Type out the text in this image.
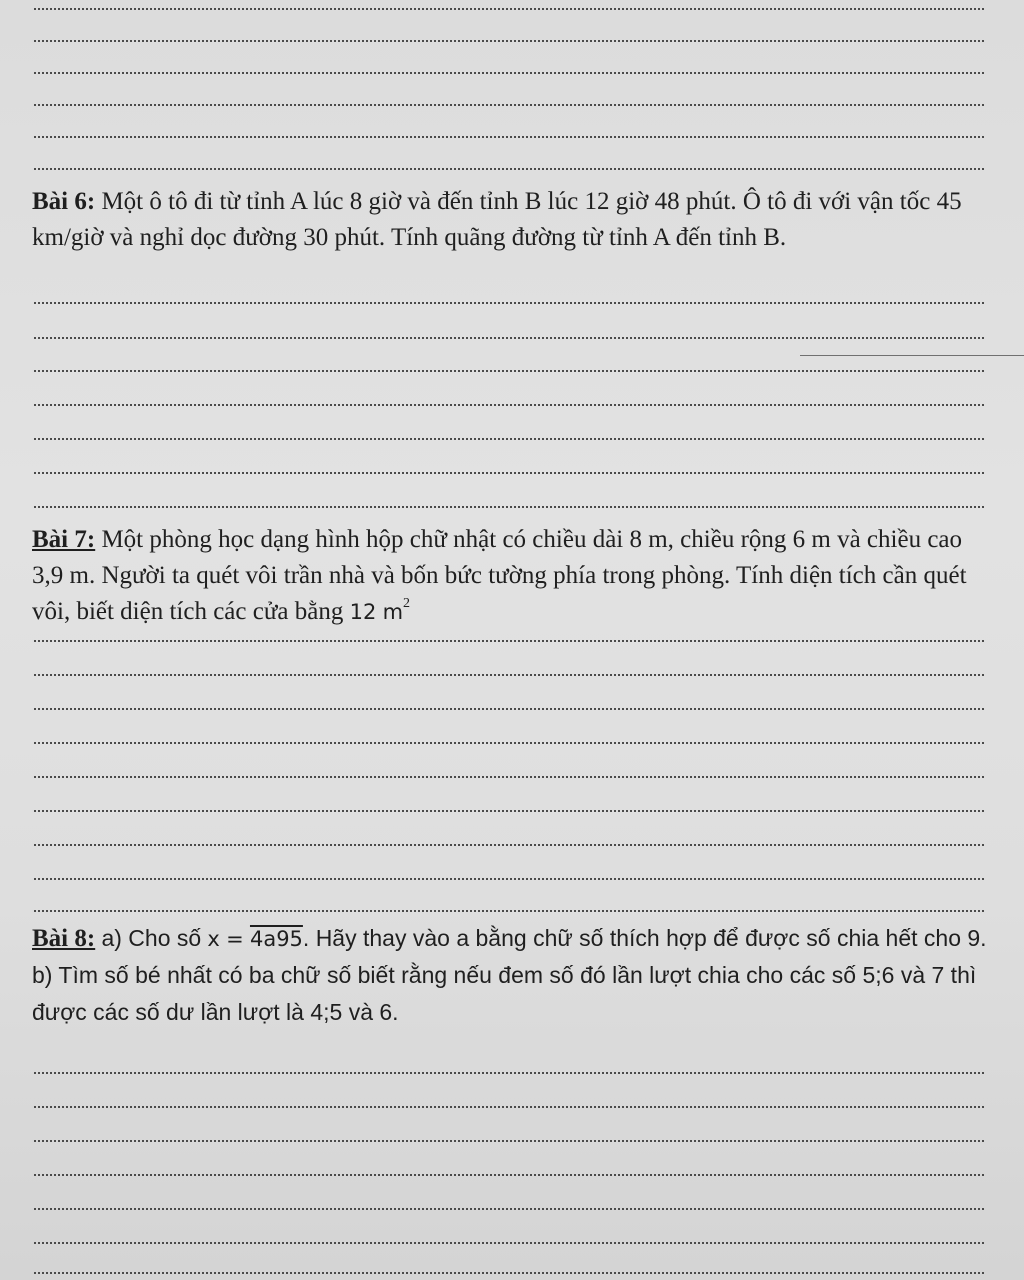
Bài 6: Một ô tô đi từ tỉnh A lúc 8 giờ và đến tỉnh B lúc 12 giờ 48 phút. Ô tô đi với vận tốc 45 km/giờ và nghỉ dọc đường 30 phút. Tính quãng đường từ tỉnh A đến tỉnh B.
Bài 7: Một phòng học dạng hình hộp chữ nhật có chiều dài 8 m, chiều rộng 6 m và chiều cao 3,9 m. Người ta quét vôi trần nhà và bốn bức tường phía trong phòng. Tính diện tích cần quét vôi, biết diện tích các cửa bằng 12 $m^2$
Bài 8: a) Cho số x = 4a95. Hãy thay vào a bằng chữ số thích hợp để được số chia hết cho 9.
b) Tìm số bé nhất có ba chữ số biết rằng nếu đem số đó lần lượt chia cho các số 5;6 và 7 thì được các số dư lần lượt là 4;5 và 6.
